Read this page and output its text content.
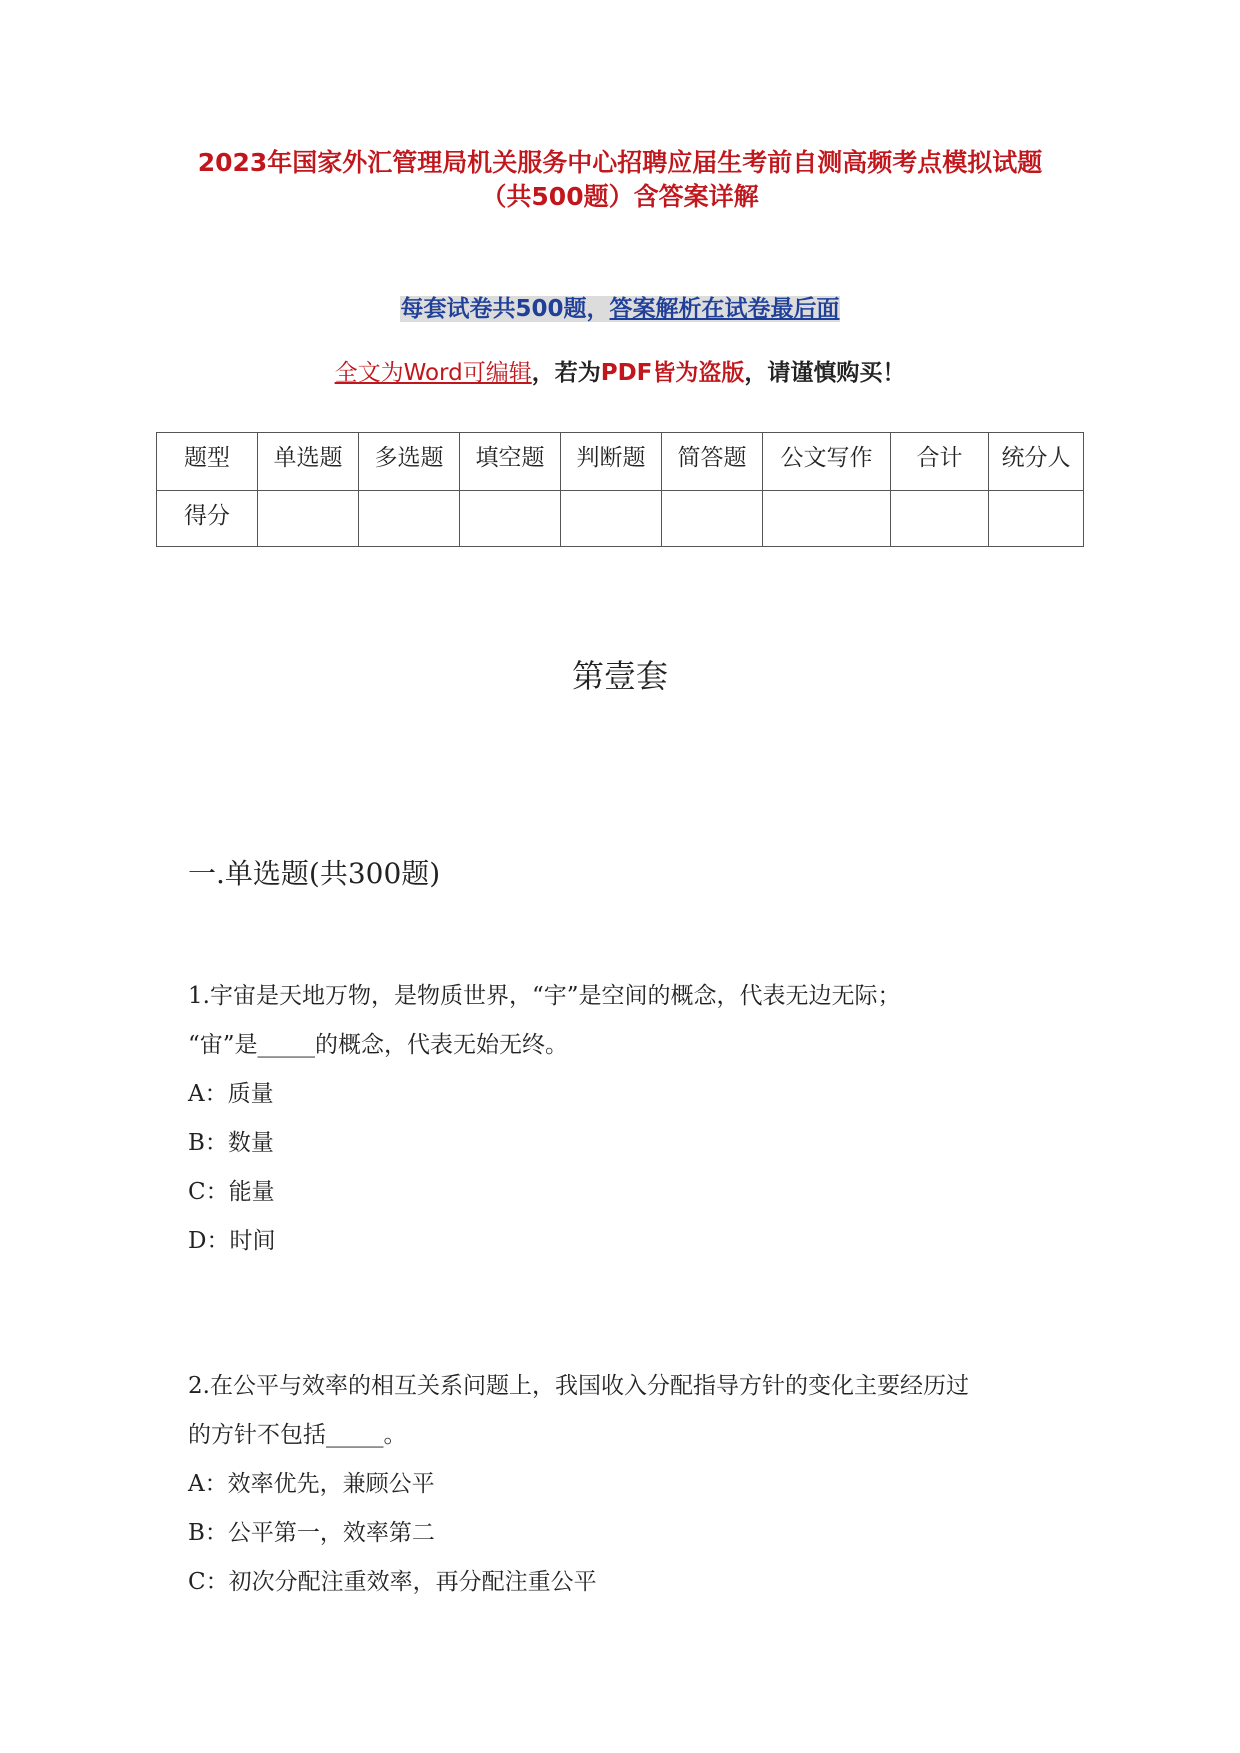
2023年国家外汇管理局机关服务中心招聘应届生考前自测高频考点模拟试题
（共500题）含答案详解
每套试卷共500题，答案解析在试卷最后面
全文为Word可编辑，若为PDF皆为盗版，请谨慎购买！
题型	单选题	多选题	填空题	判断题	简答题	公文写作	合计	统分人
得分								
第壹套
一.单选题(共300题)

1.宇宙是天地万物，是物质世界，“宇”是空间的概念，代表无边无际；

“宙”是_____的概念，代表无始无终。

A：质量

B：数量

C：能量

D：时间

2.在公平与效率的相互关系问题上，我国收入分配指导方针的变化主要经历过

的方针不包括_____。

A：效率优先，兼顾公平

B：公平第一，效率第二

C：初次分配注重效率，再分配注重公平
